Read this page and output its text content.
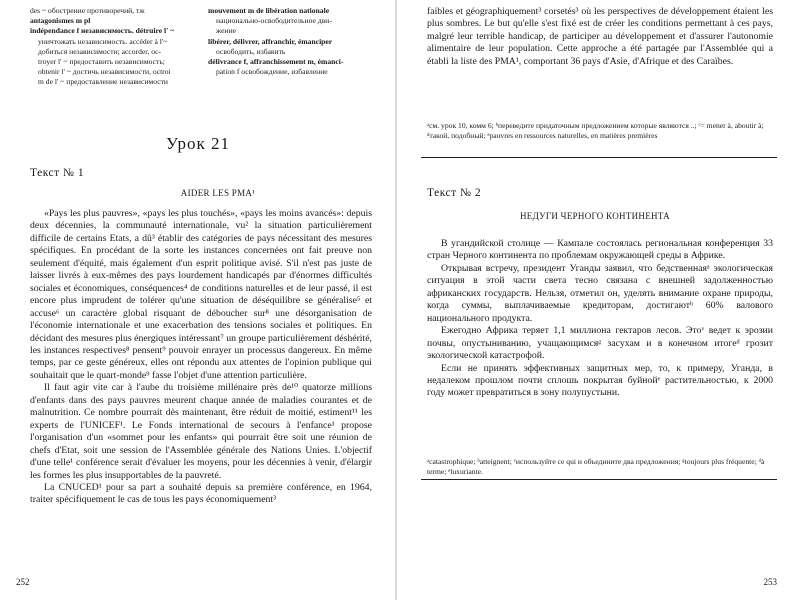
des ~ обострение противоречий, тж

antagonismes m pl

indépendance f независимость. détruire l' ~

уничтожать независимость. accéder à l'~

добиться независимости; accorder, oc-

troyer l' ~ предоставить независимость;

obtenir l' ~ достичь независимости, octroi

m de l' ~ предоставление независимости

mouvement m de libération nationale

национально-освободительное дви-

жение

libérer, délivrer, affranchir, émanciper

освободить, избавить

délivrance f, affranchissement m, émanci-

pation f освобождение, избавление

Урок 21
Текст № 1
AIDER LES PMA¹

«Pays les plus pauvres», «pays les plus touchés», «pays les moins avancés»: depuis deux décennies, la communauté internationale, vu² la situation particulièrement difficile de certains Etats, a dû³ établir des catégories de pays nécessitant des mesures spécifiques. En procédant de la sorte les instances concernées ont fait preuve non seulement d'équité, mais également d'un esprit politique avisé. S'il n'est pas juste de laisser livrés à eux-mêmes des pays lourdement handicapés par d'énormes difficultés sociales et économiques, conséquences⁴ de conditions naturelles et de leur passé, il est encore plus imprudent de tolérer qu'une situation de déséquilibre se généralise⁵ et accuse⁶ un caractère global risquant de déboucher sur⁸ une désorganisation de l'économie internationale et une exacerbation des tensions sociales et politiques. En décidant des mesures plus énergiques intéressant⁷ un groupe particulièrement déshérité, les instances respectives⁸ pensent⁹ pouvoir enrayer un processus dangereux. En même temps, par ce geste généreux, elles ont répondu aux attentes de l'opinion publique qui souhaitait que le quart-monde⁹ fasse l'objet d'une attention particulière.

Il faut agir vite car à l'aube du troisième millénaire près de¹⁰ quatorze millions d'enfants dans des pays pauvres meurent chaque année de maladies courantes et de malnutrition. Ce nombre pourrait dès maintenant, être réduit de moitié, estiment¹¹ les experts de l'UNICEF¹. Le Fonds international de secours à l'enfance¹ propose l'organisation d'un «sommet pour les enfants» qui pourrait être soit une réunion de chefs d'Etat, soit une session de l'Assemblée générale des Nations Unies. L'objectif d'une telle¹ conférence serait d'évaluer les moyens, pour les décennies à venir, d'élargir les formes les plus insupportables de la pauvreté.

La CNUCED¹ pour sa part a souhaité depuis sa première conférence, en 1964, traiter spécifiquement le cas de tous les pays économiquement³

252

faibles et géographiquement³ corsetés³ où les perspectives de développement étaient les plus sombres. Le but qu'elle s'est fixé est de créer les conditions permettant à ces pays, malgré leur terrible handicap, de participer au développement et d'assurer l'autonomie alimentaire de leur population. Cette approche a été partagée par l'Assemblée qui a établi la liste des PMA¹, comportant 36 pays d'Asie, d'Afrique et des Caraïbes.

ᵃсм. урок 10, комм 6; ᵇпереведите придаточным предложением которые являются ..; ᶜ= mener à, aboutir à; ᵈтакой, подобный; ᵉpauvres en ressources naturelles, en matières premières

Текст № 2
НЕДУГИ ЧЕРНОГО КОНТИНЕНТА

В угандийской столице — Кампале состоялась региональная конференция 33 стран Черного континента по проблемам окружающей среды в Африке.

Открывая встречу, президент Уганды заявил, что бедственнаяᵃ экологическая ситуация в этой части света тесно связана с внешней задолженностью африканских государств. Нельзя, отметил он, уделять внимание охране природы, когда суммы, выплачиваемые кредиторам, достигаютᵇ 60% валового национального продукта.

Ежегодно Африка теряет 1,1 миллиона гектаров лесов. Этоᵛ ведет к эрозии почвы, опустыниванию, учащающимсяᵍ засухам и в конечном итогеᵈ грозит экологической катастрофой.

Если не принять эффективных защитных мер, то, к примеру, Уганда, в недалеком прошлом почти сплошь покрытая буйнойᵉ растительностью, к 2000 году может превратиться в зону полупустыни.

ᵃcatastrophique; ᵇatteignent; ᵛиспользуйте ce qui и объедините два предложения; ᵍtoujours plus fréquente; ᵈà terme; ᵉluxuriante.

253
